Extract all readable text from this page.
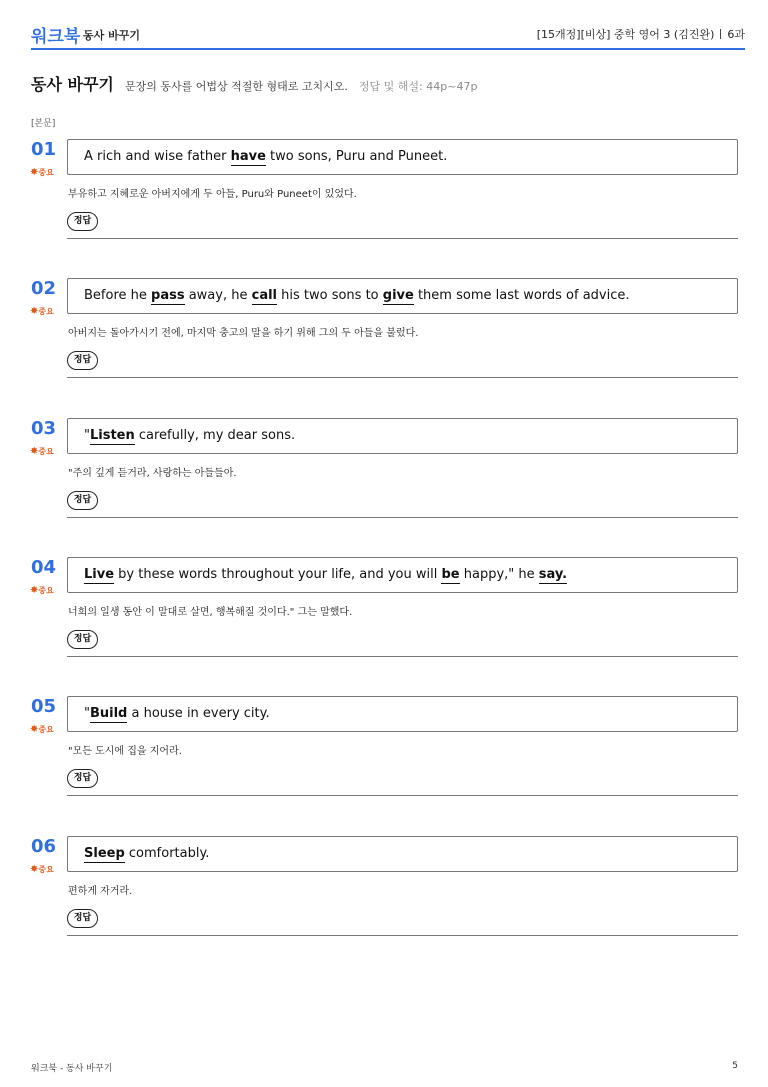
워크북 동사 바꾸기	[15개정][비상] 중학 영어 3 (김진완) 6과
동사 바꾸기 문장의 동사를 어법상 적절한 형태로 고치시오. 정답 및 해설: 44p~47p
[본문]
01
✸중요
A rich and wise father have two sons, Puru and Puneet.
부유하고 지혜로운 아버지에게 두 아들, Puru와 Puneet이 있었다.
정답
02
✸중요
Before he pass away, he call his two sons to give them some last words of advice.
아버지는 돌아가시기 전에, 마지막 충고의 말을 하기 위해 그의 두 아들을 불렀다.
정답
03
✸중요
"Listen carefully, my dear sons.
"주의 깊게 듣거라, 사랑하는 아들들아.
정답
04
✸중요
Live by these words throughout your life, and you will be happy," he say.
너희의 일생 동안 이 말대로 살면, 행복해질 것이다." 그는 말했다.
정답
05
✸중요
"Build a house in every city.
"모든 도시에 집을 지어라.
정답
06
✸중요
Sleep comfortably.
편하게 자거라.
정답
워크북 - 동사 바꾸기	5
